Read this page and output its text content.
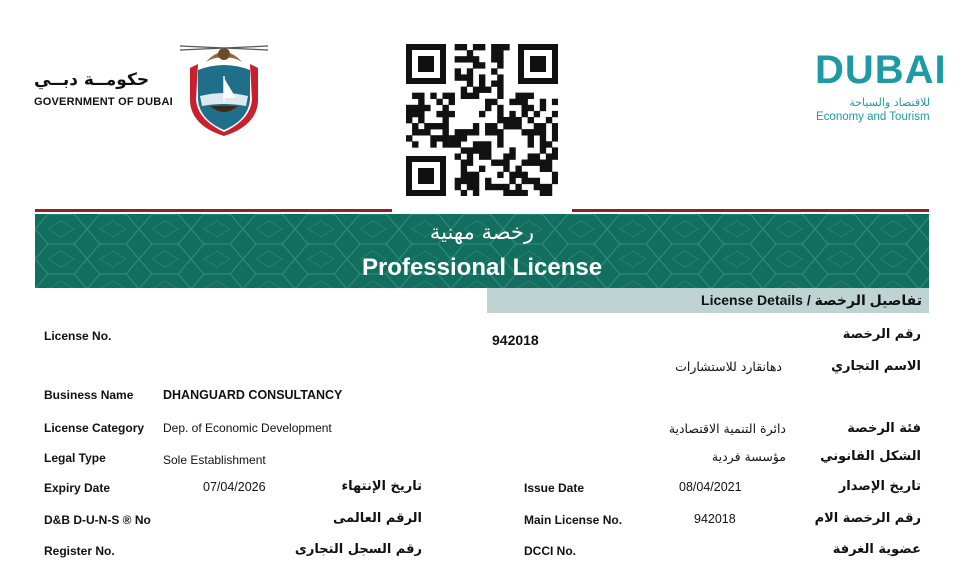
حكومــة دبــي
GOVERNMENT OF DUBAI
DUBAI
للاقتصاد والسياحة
Economy and Tourism
رخصة مهنية
Professional License
تفاصيل الرخصة / License Details
License No.	942018	رقم الرخصة
دهانقارد للاستشارات	الاسم التجاري
Business Name DHANGUARD CONSULTANCY
License Category Dep. of Economic Development	دائرة التنمية الاقتصادية	فئة الرخصة
Legal Type	Sole Establishment	مؤسسة فردية	الشكل القانوني
Expiry Date	07/04/2026	تاريخ الإنتهاء	Issue Date	08/04/2021	تاريخ الإصدار
D&B D-U-N-S ® No	الرقم العالمى	Main License No.	942018	رقم الرخصة الام
Register No.	رقم السجل التجارى	DCCI No.	عضوية الغرفة
